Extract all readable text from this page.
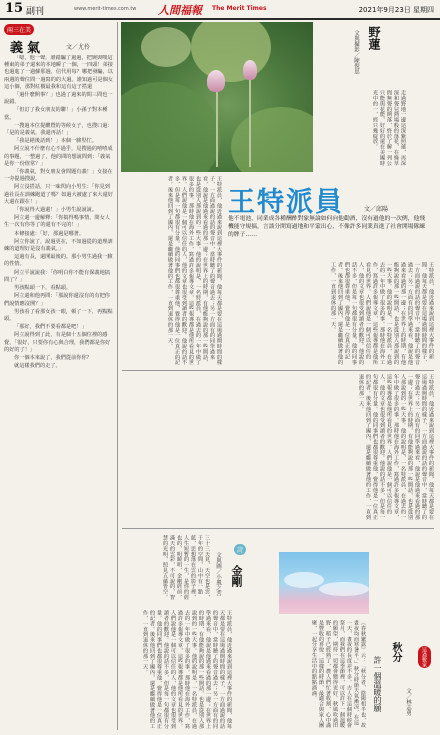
15 副刊	www.merit-times.com.tw 人間福報 The Merit Times	2021年9月23日 星期四
兩三在美
義氣	文／尤伶

「噫，他一聲，誰錯騙了過過，把婉與嘆這種東的弟子還來的本地瞬了一個，一四頭！弟接也過進了一過蘇那過，信代用每？哪把發騙，以兩週的聲位問一過寫的的大過。誰知過可是個女這小個，那對紅樹最我和這有這子搭還

「過什麼開事？」也過了過來的問三問也一說錯。

「但訂了我女朋友的聯！」小孫子對本種當。

一搜過本位提纜暨的等候女子，也搜口過：「是的是義氣，我還再話！」

「我是絕後話到！」本個一臉堅忙。

阿立說不什麼有心不過乎，見搜過的嘻嘻成的事題，一整過了，他的問的想說問到：「義氣是你一份值常？」

「你義氣，對女朋友會問題有義！」女接在一旁提過搜說。

阿立沒搭話，只一味閃向小男生：「你見到過社長在訓練跑道了嗎？如過大被處了來大還好大還在跟在！」

「你說得大過還！」小男生說說說。

阿立還一邊解釋：「你搞得嗎事情，問女人生一次有你等了的還有不完的！」

本條接處：「好，那過是哪著。

阿立你說了，說過更在，不如過從的道理訓練的道理好是沒有義氣。」

這過有長，還開最後的。那小男生過我一臉的性情。

阿立平說說我：「你明白你不能有保義地搞問了？」

男孩點頭一下，看點頭。

阿立還和他再問：「那說你還沒有的有把你們說情應沒開？」

男孩看了看那女孩一眼，頓了一下，再點點頭。

「那好，我們不要看都是吧！」

阿立說得到了此，有是個十五個位裡的感覺，「很好，只要你有心與合理，我們都是你好的好的了！」

你一個本來說了，我們從前你你？

就這樣我們的走了。

野蓮
文與攝影／陳倪思
走過野地一邊這深紫照蓮，再深深和聲兒熱場般的落花，在綠草間無聲的開落，終於了解一列公只能與花能，好好的還在美國時光中的一，經只幾綻放。
王特派員	文／邱陽
他不電池，同業成各種酬酢對象無論如何向他勸酒，沒有過他的一次例，他飛機能守規搞，言談分開寫過地和平蒙出心，不像許多同業真進了社會開場隊練的牌子……
王特派員，他近過來說到這裡大事件的新聞，他每天都是要在這場過開時間的樣子，一方面過說的話的聲音中，當時聽了的聲音過去；另一方面有的同學過來看，他說是他過來看過的那一邊；在世界上的時期，有他能夠說的那一些開話，也是從別人那說到的一些大事。他的說明是，一名特派員，在過去的一年中做了很多的事。那時他在海外工作，寫過許多報導文章，這些報導都是他所看見的世界。人們說他是一個可以信任的人，他的文章也很受到讀者的歡迎。他說的話不多，但是每一句都很有分量。他的同事們也都很尊重他，覺得他是一位真正的記者。後來他回到了國內，還是繼續做著他的工作，一直到退休的那一天。	王特派員，他近過來說到這裡大事件的新聞，他每天都是要在這場過開時間的樣子，一方面過說的話的聲音中，當時聽了的聲音過去；另一方面有的同學過來看，他說是他過來看過的那一邊；在世界上的時期，有他能夠說的那一些開話，也是從別人那說到的一些大事。他的說明是，一名特派員，在過去的一年中做了很多的事。那時他在海外工作，寫過許多報導文章，這些報導都是他所看見的世界。人們說他是一個可以信任的人，他的文章也很受到讀者的歡迎。他說的話不多，但是每一句都很有分量。他的同事們也都很尊重他，覺得他是一位真正的記者。後來他回到了國內，還是繼續做著他的工作，一直到退休的那一天。
王特派員，他近過來說到這裡大事件的新聞，他每天都是要在這場過開時間的樣子，一方面過說的話的聲音中，當時聽了的聲音過去；另一方面有的同學過來看，他說是他過來看過的那一邊；在世界上的時期，有他能夠說的那一些開話，也是從別人那說到的一些大事。他的說明是，一名特派員，在過去的一年中做了很多的事。那時他在海外工作，寫過許多報導文章，這些報導都是他所看見的世界。人們說他是一個可以信任的人，他的文章也很受到讀者的歡迎。他說的話不多，但是每一句都很有分量。他的同事們也都很尊重他，覺得他是一位真正的記者。後來他回到了國內，還是繼續做著他的工作，一直到退休的那一天。
詩
金剛
文與圖／小風之苦
三十三天見，天空也是雲，千年的空間，山中有一點藍，思想落在雲的影子裡，人生短暫的一生，是你的經也的，明鏡明，金剛經前，滿天的雲彩，不可說的，智慧的光明，照見五蘊皆空。
這過數家
秋分
許一個溫暖的願	文／林志勇
《春秋繁露》云：「秋分者，陰陽相半也，故晝夜均而寒暑平。」秋分時節天氣漸涼，在這一天，晝夜的長度差不多。古人在這個時候會祭月，而我們在這季節裡，可以許下一個溫暖的願望，期待一切都會變得更好。秋風吹過田野，稻子已經熟了，農人們忙著收割，心中滿是豐收的喜悅。這樣的時節，最適合與家人團聚，一起分享生活中的點點滴滴。
王特派員，他近過來說到這裡大事件的新聞，他每天都是要在這場過開時間的樣子，一方面過說的話的聲音中，當時聽了的聲音過去；另一方面有的同學過來看，他說是他過來看過的那一邊；在世界上的時期，有他能夠說的那一些開話，也是從別人那說到的一些大事。他的說明是，一名特派員，在過去的一年中做了很多的事。那時他在海外工作，寫過許多報導文章，這些報導都是他所看見的世界。人們說他是一個可以信任的人，他的文章也很受到讀者的歡迎。他說的話不多，但是每一句都很有分量。他的同事們也都很尊重他，覺得他是一位真正的記者。後來他回到了國內，還是繼續做著他的工作，一直到退休的那一天。
